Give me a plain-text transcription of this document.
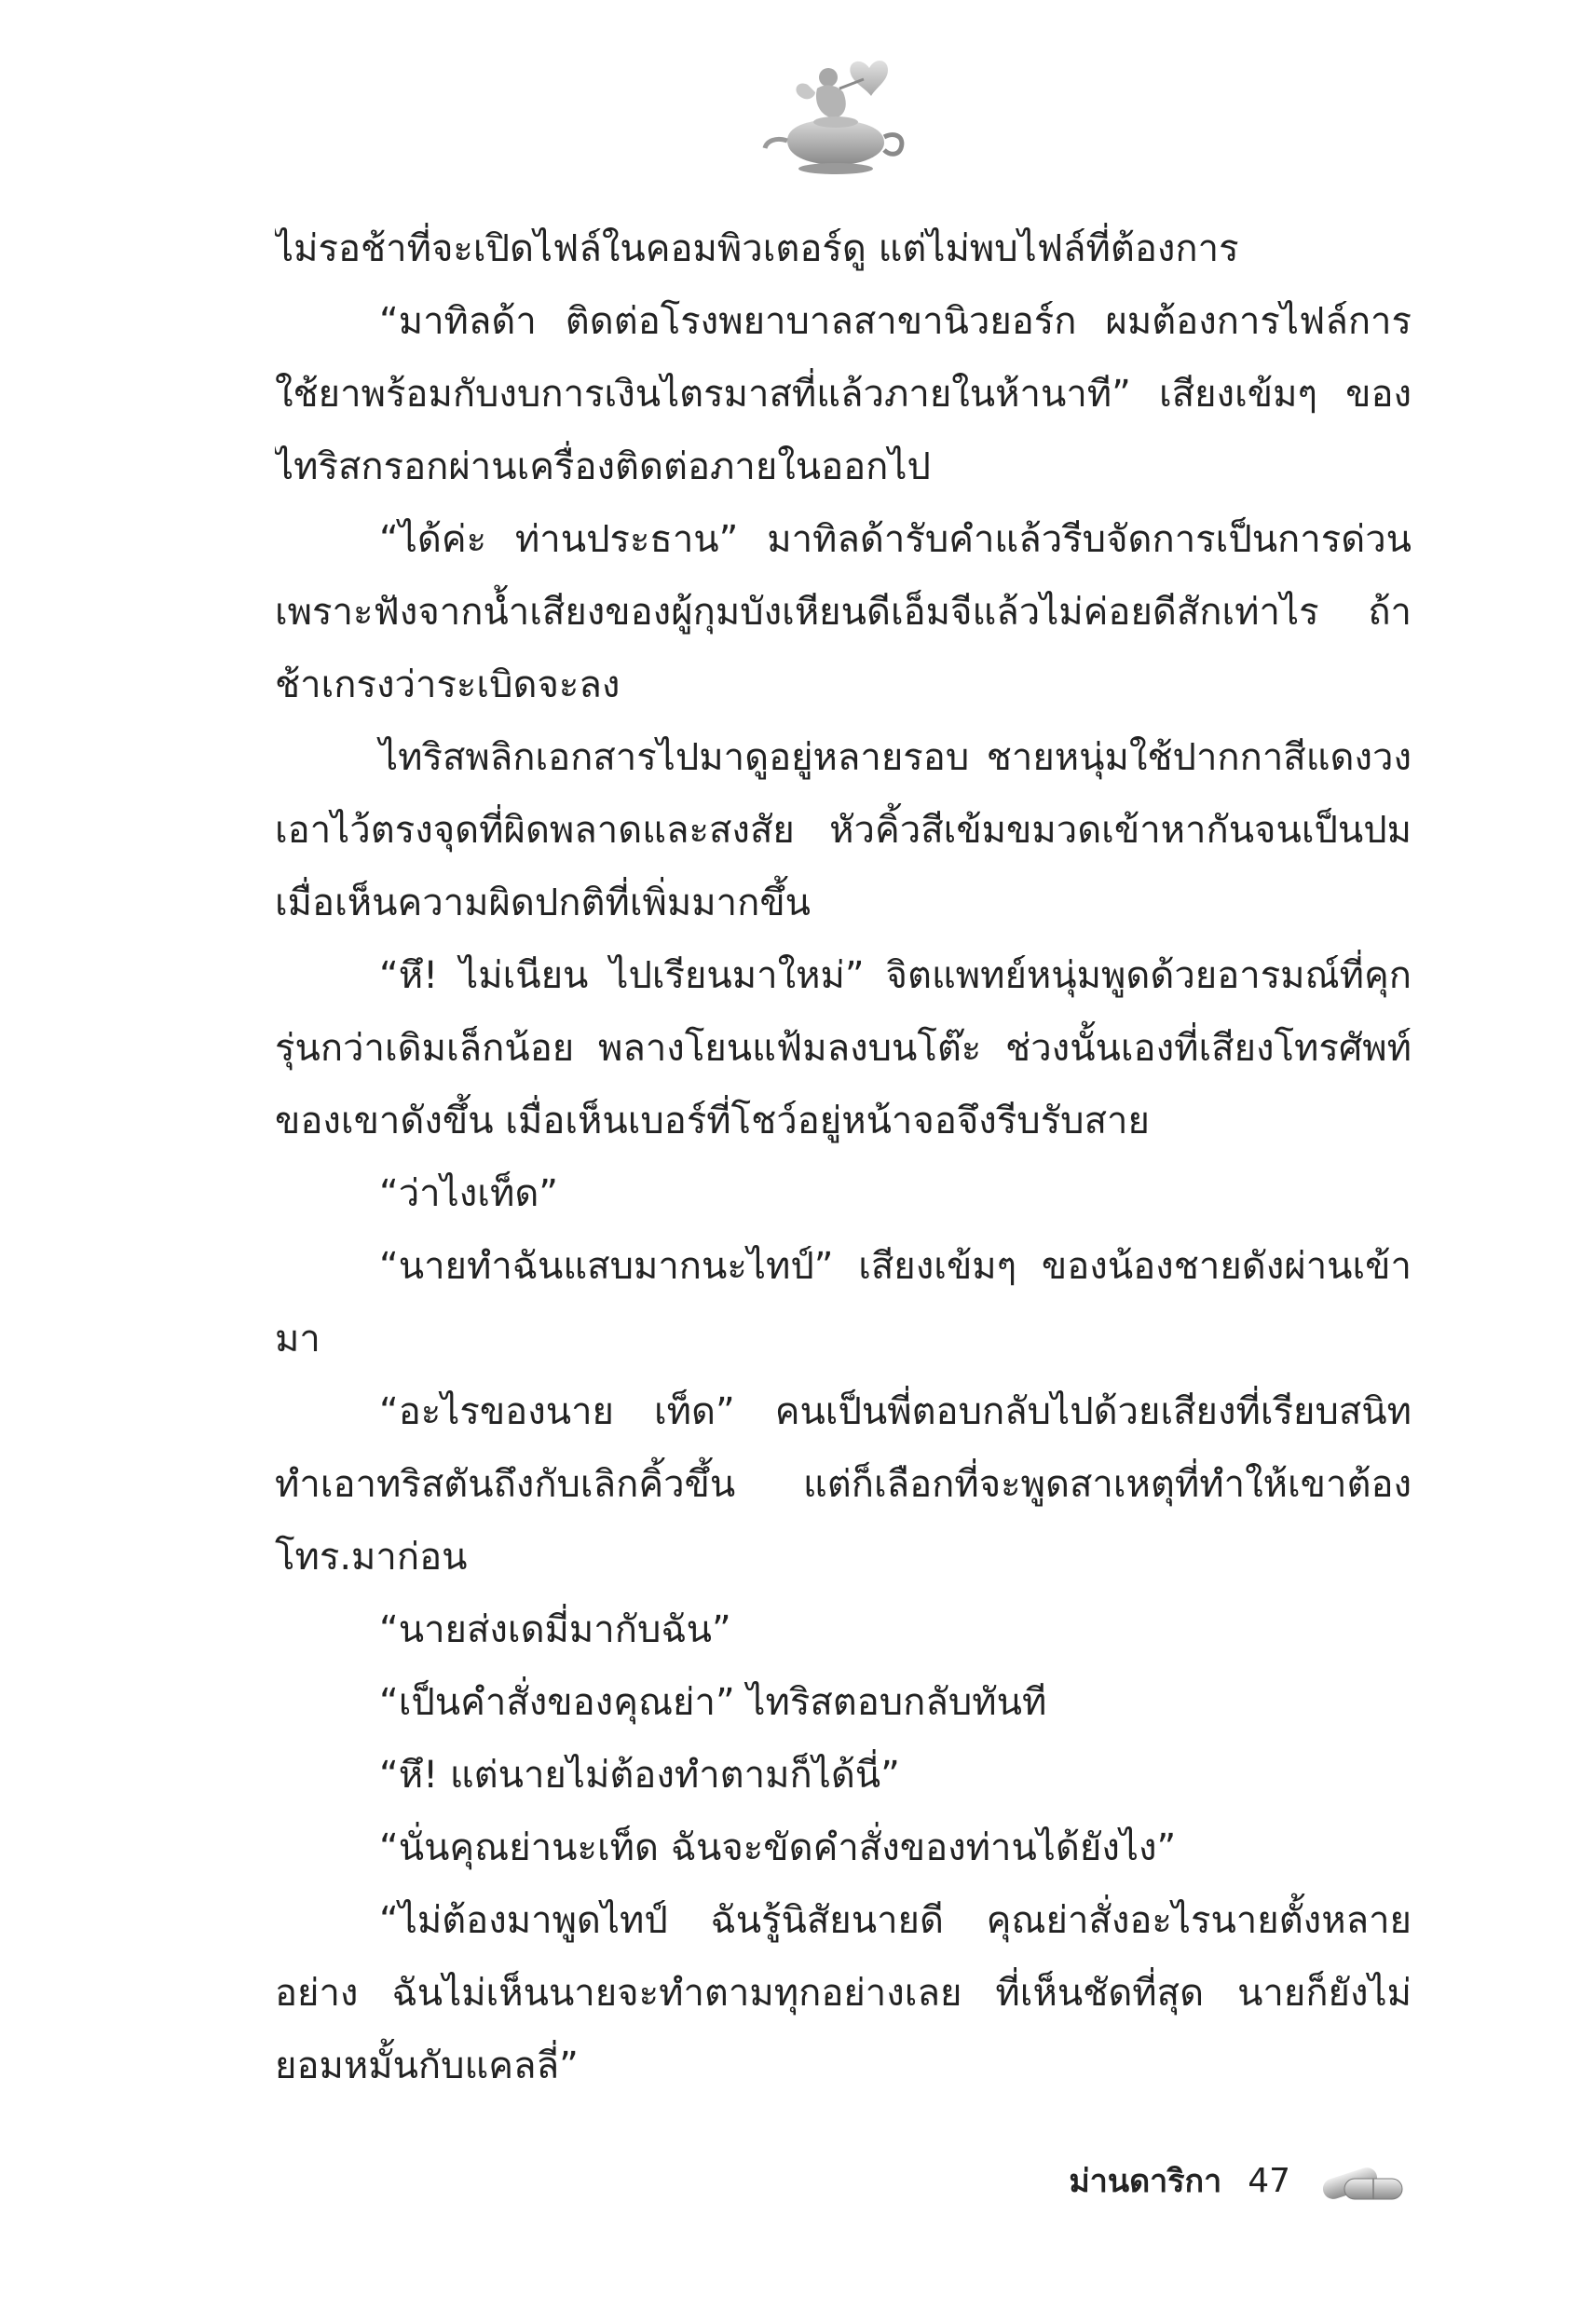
ไม่รอช้าที่จะเปิดไฟล์ในคอมพิวเตอร์ดู แต่ไม่พบไฟล์ที่ต้องการ

“มาทิลด้า ติดต่อโรงพยาบาลสาขานิวยอร์ก ผมต้องการไฟล์การใช้ยาพร้อมกับงบการเงินไตรมาสที่แล้วภายในห้านาที” เสียงเข้มๆ ของไทริสกรอกผ่านเครื่องติดต่อภายในออกไป

“ได้ค่ะ ท่านประธาน” มาทิลด้ารับคำแล้วรีบจัดการเป็นการด่วน เพราะฟังจากน้ำเสียงของผู้กุมบังเหียนดีเอ็มจีแล้วไม่ค่อยดีสักเท่าไร ถ้าช้าเกรงว่าระเบิดจะลง

ไทริสพลิกเอกสารไปมาดูอยู่หลายรอบ ชายหนุ่มใช้ปากกาสีแดงวงเอาไว้ตรงจุดที่ผิดพลาดและสงสัย หัวคิ้วสีเข้มขมวดเข้าหากันจนเป็นปม เมื่อเห็นความผิดปกติที่เพิ่มมากขึ้น

“หึ! ไม่เนียน ไปเรียนมาใหม่” จิตแพทย์หนุ่มพูดด้วยอารมณ์ที่คุกรุ่นกว่าเดิมเล็กน้อย พลางโยนแฟ้มลงบนโต๊ะ ช่วงนั้นเองที่เสียงโทรศัพท์ของเขาดังขึ้น เมื่อเห็นเบอร์ที่โชว์อยู่หน้าจอจึงรีบรับสาย

“ว่าไงเท็ด”

“นายทำฉันแสบมากนะไทป์” เสียงเข้มๆ ของน้องชายดังผ่านเข้ามา

“อะไรของนาย เท็ด” คนเป็นพี่ตอบกลับไปด้วยเสียงที่เรียบสนิท ทำเอาทริสตันถึงกับเลิกคิ้วขึ้น แต่ก็เลือกที่จะพูดสาเหตุที่ทำให้เขาต้องโทร.มาก่อน

“นายส่งเดมี่มากับฉัน”

“เป็นคำสั่งของคุณย่า” ไทริสตอบกลับทันที

“หึ! แต่นายไม่ต้องทำตามก็ได้นี่”

“นั่นคุณย่านะเท็ด ฉันจะขัดคำสั่งของท่านได้ยังไง”

“ไม่ต้องมาพูดไทป์ ฉันรู้นิสัยนายดี คุณย่าสั่งอะไรนายตั้งหลายอย่าง ฉันไม่เห็นนายจะทำตามทุกอย่างเลย ที่เห็นชัดที่สุด นายก็ยังไม่ยอมหมั้นกับแคลลี่”

ม่านดาริกา 47
